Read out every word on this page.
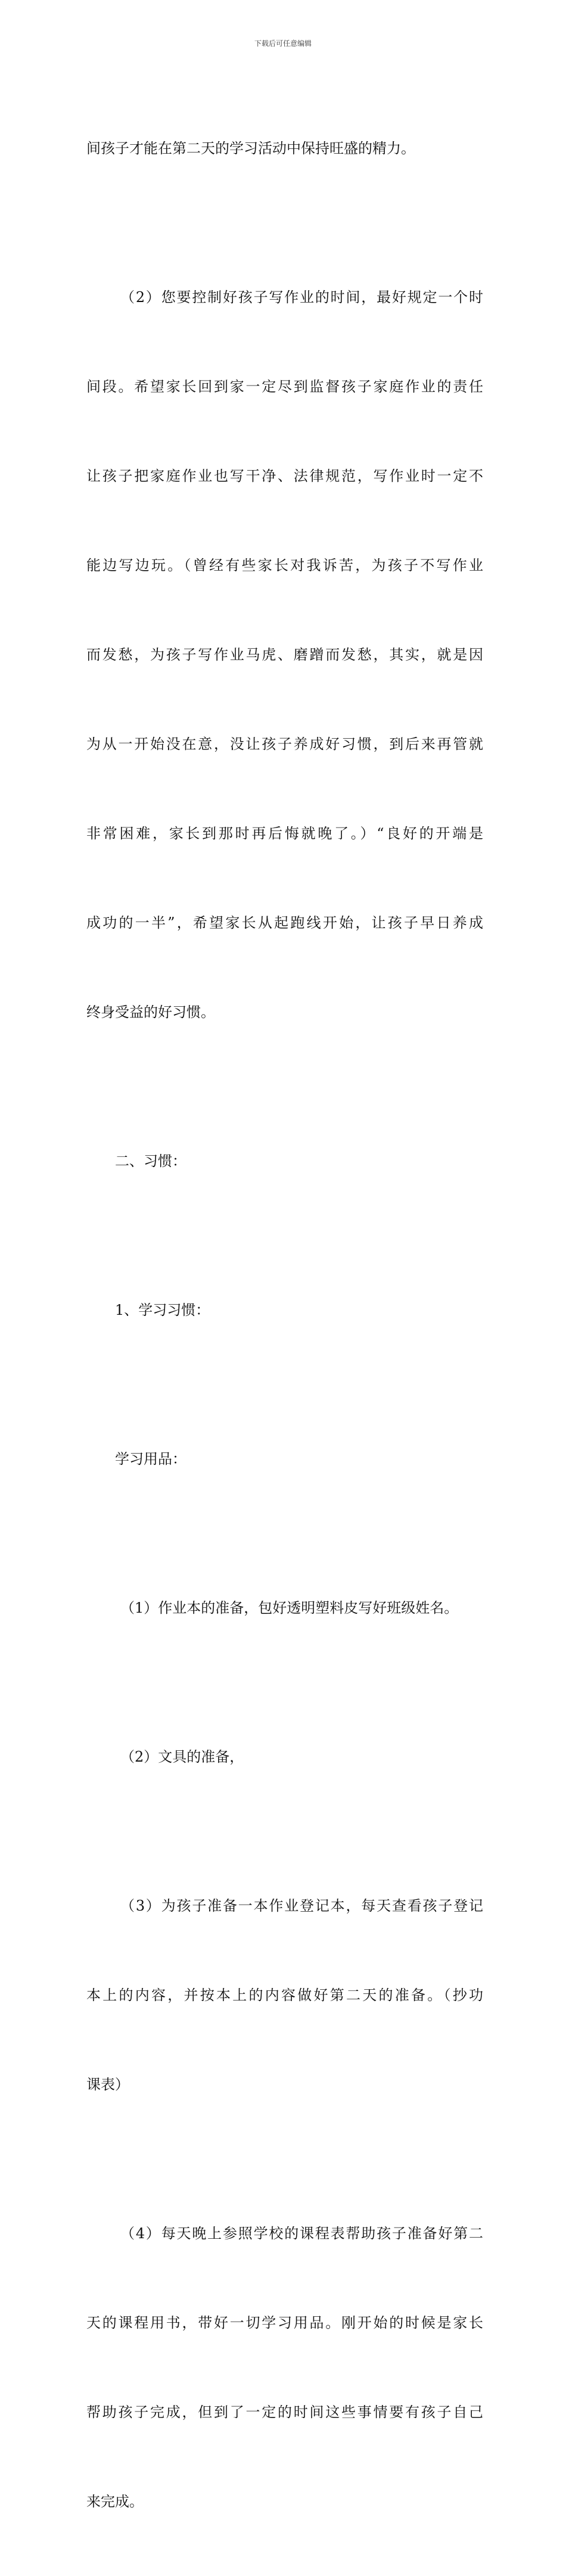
下载后可任意编辑

间孩子才能在第二天的学习活动中保持旺盛的精力。

（2）您要控制好孩子写作业的时间，最好规定一个时

间段。希望家长回到家一定尽到监督孩子家庭作业的责任

让孩子把家庭作业也写干净、法律规范，写作业时一定不

能边写边玩。（曾经有些家长对我诉苦，为孩子不写作业

而发愁，为孩子写作业马虎、磨蹭而发愁，其实，就是因

为从一开始没在意，没让孩子养成好习惯，到后来再管就

非常困难，家长到那时再后悔就晚了。）“良好的开端是

成功的一半”，希望家长从起跑线开始，让孩子早日养成

终身受益的好习惯。

二、习惯：

1、学习习惯：

学习用品：

（1）作业本的准备，包好透明塑料皮写好班级姓名。

（2）文具的准备，

（3）为孩子准备一本作业登记本，每天查看孩子登记

本上的内容，并按本上的内容做好第二天的准备。（抄功

课表）

（4）每天晚上参照学校的课程表帮助孩子准备好第二

天的课程用书，带好一切学习用品。刚开始的时候是家长

帮助孩子完成，但到了一定的时间这些事情要有孩子自己

来完成。
